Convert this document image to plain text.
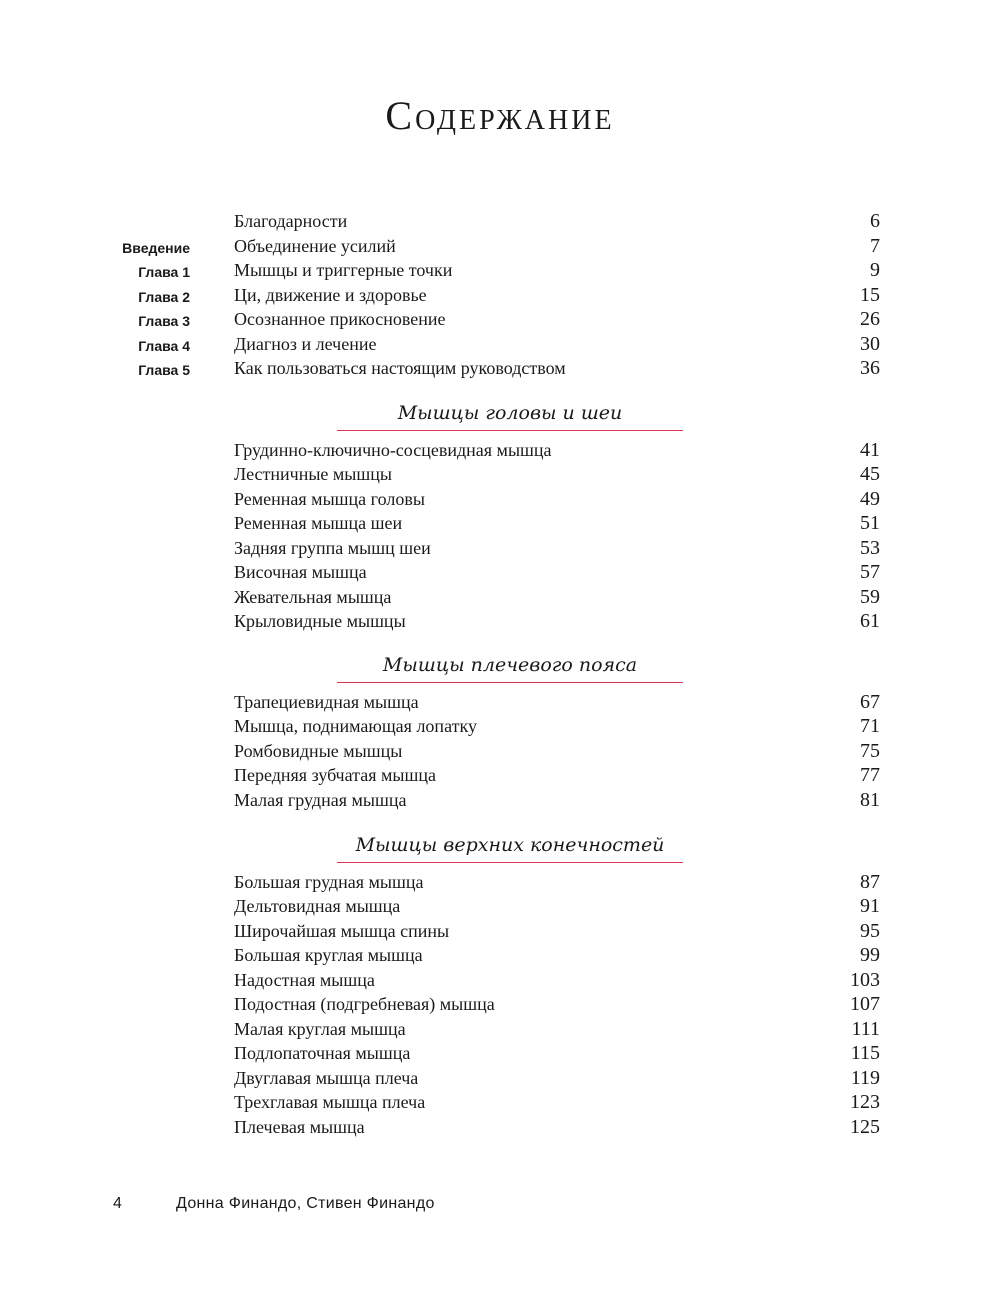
Содержание
Благодарности	6
Введение Объединение усилий	7
Глава 1 Мышцы и триггерные точки	9
Глава 2 Ци, движение и здоровье	15
Глава 3 Осознанное прикосновение	26
Глава 4 Диагноз и лечение	30
Глава 5 Как пользоваться настоящим руководством	36
Мышцы головы и шеи
Грудинно-ключично-сосцевидная мышца	41
Лестничные мышцы	45
Ременная мышца головы	49
Ременная мышца шеи	51
Задняя группа мышц шеи	53
Височная мышца	57
Жевательная мышца	59
Крыловидные мышцы	61
Мышцы плечевого пояса
Трапециевидная мышца	67
Мышца, поднимающая лопатку	71
Ромбовидные мышцы	75
Передняя зубчатая мышца	77
Малая грудная мышца	81
Мышцы верхних конечностей
Большая грудная мышца	87
Дельтовидная мышца	91
Широчайшая мышца спины	95
Большая круглая мышца	99
Надостная мышца	103
Подостная (подгребневая) мышца	107
Малая круглая мышца	111
Подлопаточная мышца	115
Двуглавая мышца плеча	119
Трехглавая мышца плеча	123
Плечевая мышца	125
4	Донна Финандо, Стивен Финандо
